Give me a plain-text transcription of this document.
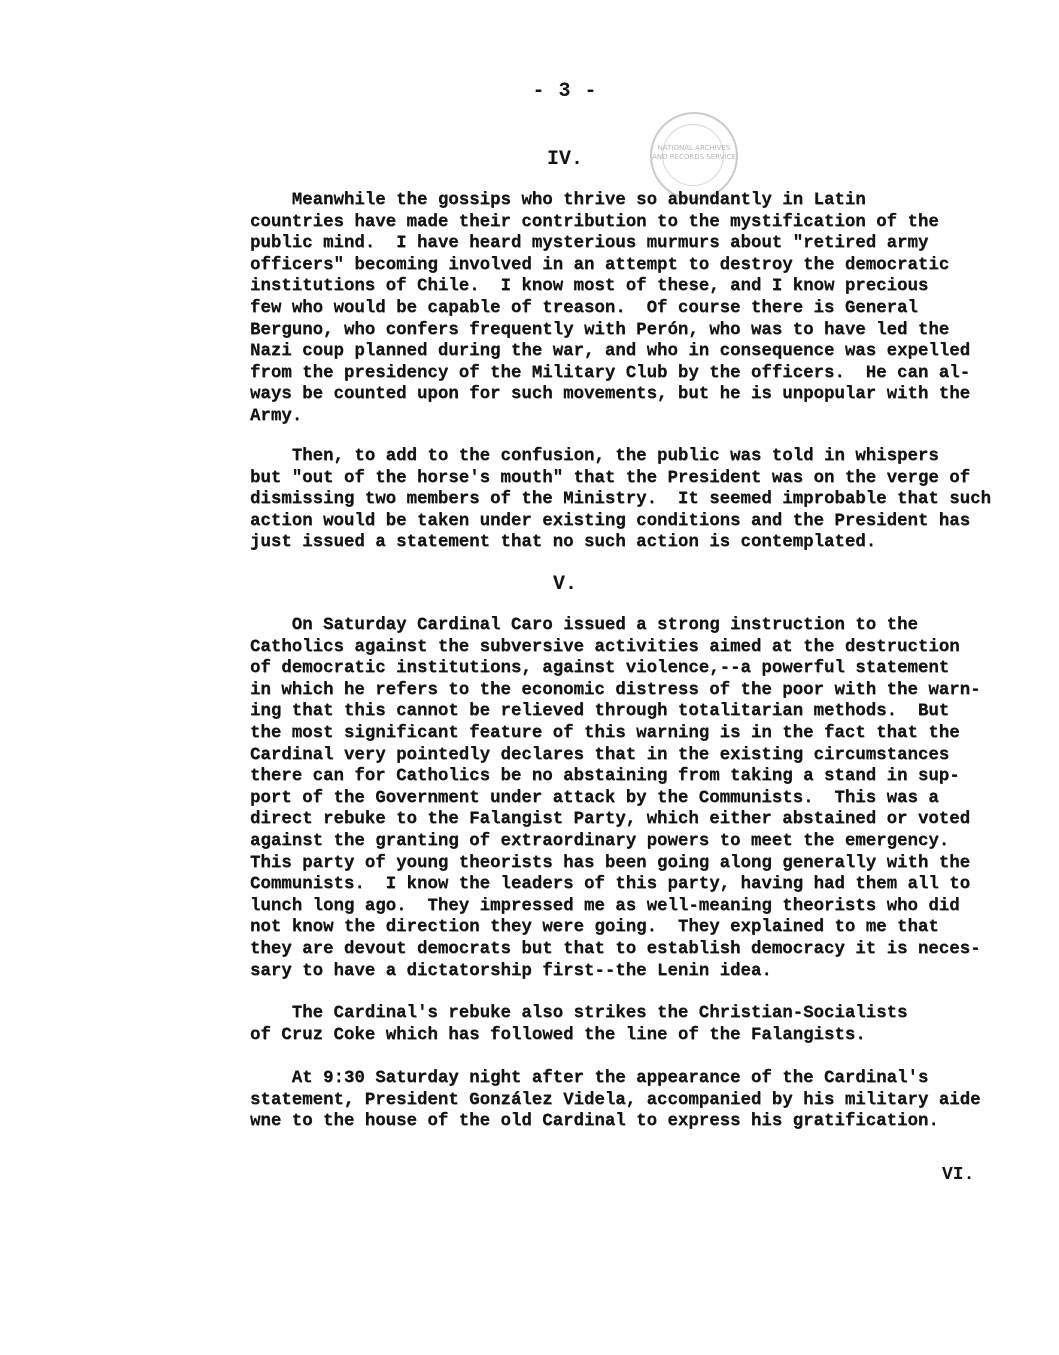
- 3 -
NATIONAL ARCHIVES AND RECORDS SERVICE
IV.
Meanwhile the gossips who thrive so abundantly in Latin
countries have made their contribution to the mystification of the
public mind.  I have heard mysterious murmurs about "retired army
officers" becoming involved in an attempt to destroy the democratic
institutions of Chile.  I know most of these, and I know precious
few who would be capable of treason.  Of course there is General
Berguno, who confers frequently with Perón, who was to have led the
Nazi coup planned during the war, and who in consequence was expelled
from the presidency of the Military Club by the officers.  He can al-
ways be counted upon for such movements, but he is unpopular with the
Army.
Then, to add to the confusion, the public was told in whispers
but "out of the horse's mouth" that the President was on the verge of
dismissing two members of the Ministry.  It seemed improbable that such
action would be taken under existing conditions and the President has
just issued a statement that no such action is contemplated.
V.
On Saturday Cardinal Caro issued a strong instruction to the
Catholics against the subversive activities aimed at the destruction
of democratic institutions, against violence,--a powerful statement
in which he refers to the economic distress of the poor with the warn-
ing that this cannot be relieved through totalitarian methods.  But
the most significant feature of this warning is in the fact that the
Cardinal very pointedly declares that in the existing circumstances
there can for Catholics be no abstaining from taking a stand in sup-
port of the Government under attack by the Communists.  This was a
direct rebuke to the Falangist Party, which either abstained or voted
against the granting of extraordinary powers to meet the emergency.
This party of young theorists has been going along generally with the
Communists.  I know the leaders of this party, having had them all to
lunch long ago.  They impressed me as well-meaning theorists who did
not know the direction they were going.  They explained to me that
they are devout democrats but that to establish democracy it is neces-
sary to have a dictatorship first--the Lenin idea.
The Cardinal's rebuke also strikes the Christian-Socialists
of Cruz Coke which has followed the line of the Falangists.
At 9:30 Saturday night after the appearance of the Cardinal's
statement, President González Videla, accompanied by his military aide
wne to the house of the old Cardinal to express his gratification.
VI.
